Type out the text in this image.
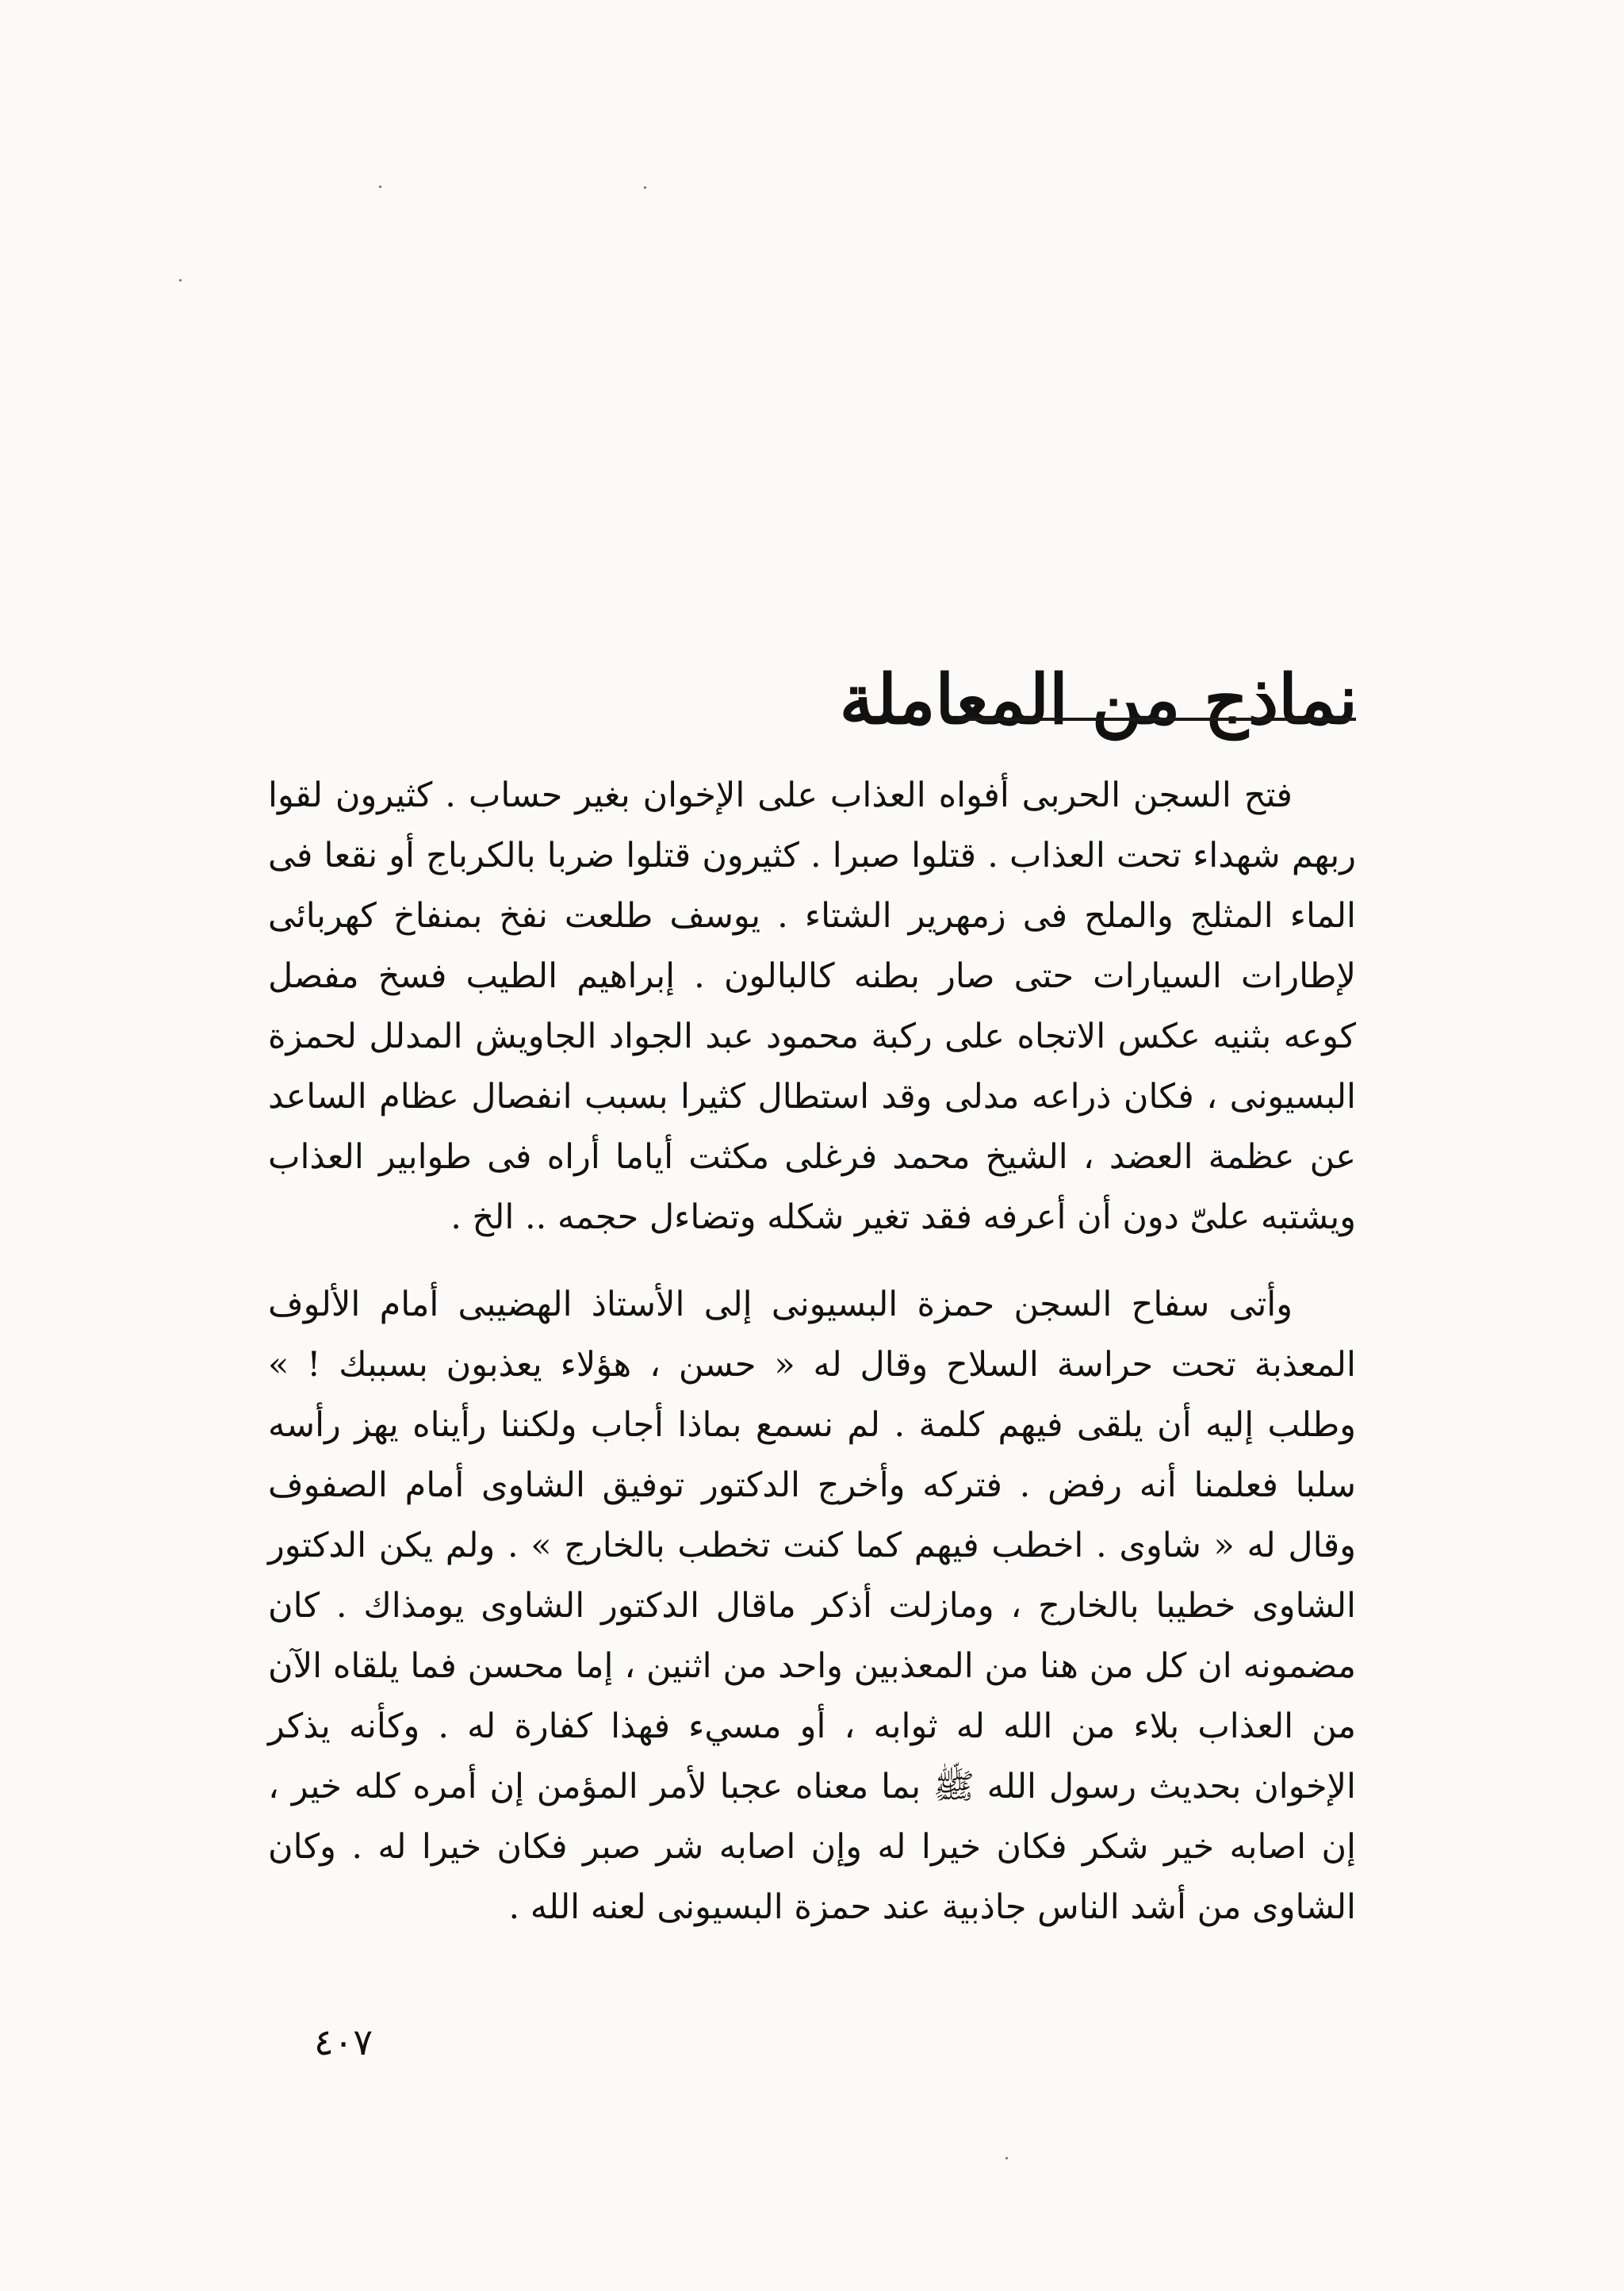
نماذج من المعاملة

فتح السجن الحربى أفواه العذاب على الإخوان بغير حساب . كثيرون لقوا ربهم شهداء تحت العذاب . قتلوا صبرا . كثيرون قتلوا ضربا بالكرباج أو نقعا فى الماء المثلج والملح فى زمهرير الشتاء . يوسف طلعت نفخ بمنفاخ كهربائى لإطارات السيارات حتى صار بطنه كالبالون . إبراهيم الطيب فسخ مفصل كوعه بثنيه عكس الاتجاه على ركبة محمود عبد الجواد الجاويش المدلل لحمزة البسيونى ، فكان ذراعه مدلى وقد استطال كثيرا بسبب انفصال عظام الساعد عن عظمة العضد ، الشيخ محمد فرغلى مكثت أياما أراه فى طوابير العذاب ويشتبه علىّ دون أن أعرفه فقد تغير شكله وتضاءل حجمه .. الخ .

وأتى سفاح السجن حمزة البسيونى إلى الأستاذ الهضيبى أمام الألوف المعذبة تحت حراسة السلاح وقال له « حسن ، هؤلاء يعذبون بسببك ! » وطلب إليه أن يلقى فيهم كلمة . لم نسمع بماذا أجاب ولكننا رأيناه يهز رأسه سلبا فعلمنا أنه رفض . فتركه وأخرج الدكتور توفيق الشاوى أمام الصفوف وقال له « شاوى . اخطب فيهم كما كنت تخطب بالخارج » . ولم يكن الدكتور الشاوى خطيبا بالخارج ، ومازلت أذكر ماقال الدكتور الشاوى يومذاك . كان مضمونه ان كل من هنا من المعذبين واحد من اثنين ، إما محسن فما يلقاه الآن من العذاب بلاء من الله له ثوابه ، أو مسيء فهذا كفارة له . وكأنه يذكر الإخوان بحديث رسول الله ﷺ بما معناه عجبا لأمر المؤمن إن أمره كله خير ، إن اصابه خير شكر فكان خيرا له وإن اصابه شر صبر فكان خيرا له . وكان الشاوى من أشد الناس جاذبية عند حمزة البسيونى لعنه الله .

٤٠٧
